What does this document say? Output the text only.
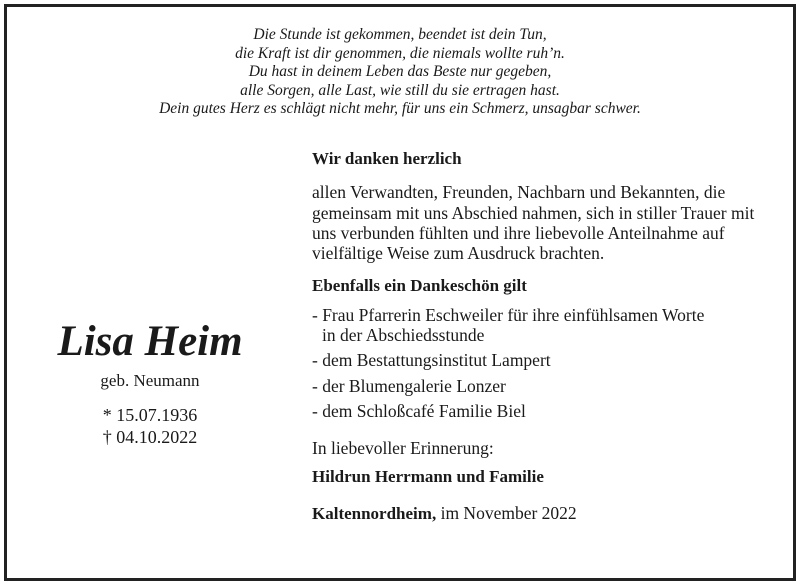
Die Stunde ist gekommen, beendet ist dein Tun,
die Kraft ist dir genommen, die niemals wollte ruh’n.
Du hast in deinem Leben das Beste nur gegeben,
alle Sorgen, alle Last, wie still du sie ertragen hast.
Dein gutes Herz es schlägt nicht mehr, für uns ein Schmerz, unsagbar schwer.
Lisa Heim
geb. Neumann
* 15.07.1936
† 04.10.2022
Wir danken herzlich
allen Verwandten, Freunden, Nachbarn und Bekannten, die gemeinsam mit uns Abschied nahmen, sich in stiller Trauer mit uns verbunden fühlten und ihre liebevolle Anteilnahme auf vielfältige Weise zum Ausdruck brachten.
Ebenfalls ein Dankeschön gilt
- Frau Pfarrerin Eschweiler für ihre einfühlsamen Worte
in der Abschiedsstunde
- dem Bestattungsinstitut Lampert
- der Blumengalerie Lonzer
- dem Schloßcafé Familie Biel
In liebevoller Erinnerung:
Hildrun Herrmann und Familie
Kaltennordheim, im November 2022
